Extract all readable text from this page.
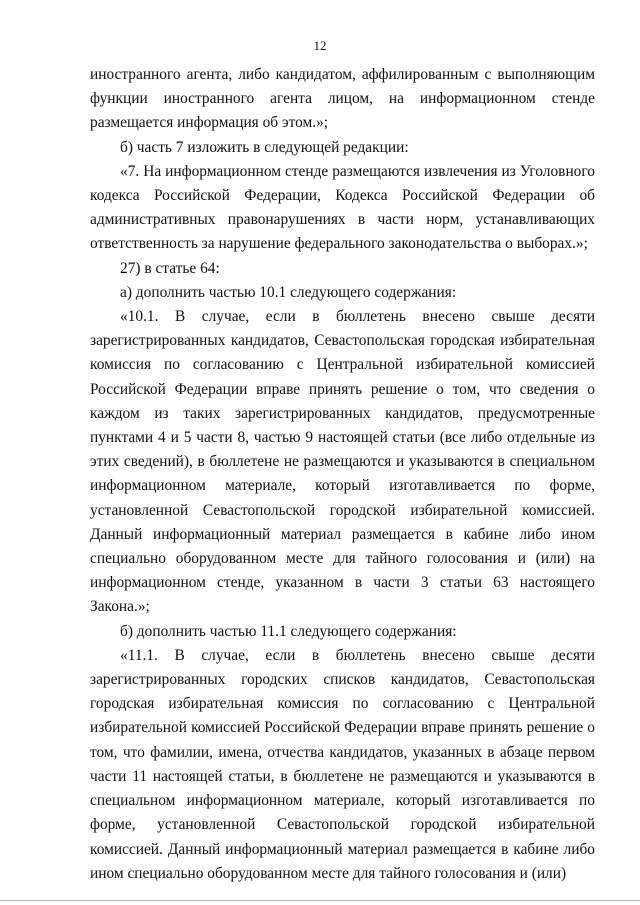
12

иностранного агента, либо кандидатом, аффилированным с выполняющим функции иностранного агента лицом, на информационном стенде размещается информация об этом.»;

б) часть 7 изложить в следующей редакции:

«7. На информационном стенде размещаются извлечения из Уголовного кодекса Российской Федерации, Кодекса Российской Федерации об административных правонарушениях в части норм, устанавливающих ответственность за нарушение федерального законодательства о выборах.»;

27) в статье 64:

а) дополнить частью 10.1 следующего содержания:

«10.1. В случае, если в бюллетень внесено свыше десяти зарегистрированных кандидатов, Севастопольская городская избирательная комиссия по согласованию с Центральной избирательной комиссией Российской Федерации вправе принять решение о том, что сведения о каждом из таких зарегистрированных кандидатов, предусмотренные пунктами 4 и 5 части 8, частью 9 настоящей статьи (все либо отдельные из этих сведений), в бюллетене не размещаются и указываются в специальном информационном материале, который изготавливается по форме, установленной Севастопольской городской избирательной комиссией. Данный информационный материал размещается в кабине либо ином специально оборудованном месте для тайного голосования и (или) на информационном стенде, указанном в части 3 статьи 63 настоящего Закона.»;

б) дополнить частью 11.1 следующего содержания:

«11.1. В случае, если в бюллетень внесено свыше десяти зарегистрированных городских списков кандидатов, Севастопольская городская избирательная комиссия по согласованию с Центральной избирательной комиссией Российской Федерации вправе принять решение о том, что фамилии, имена, отчества кандидатов, указанных в абзаце первом части 11 настоящей статьи, в бюллетене не размещаются и указываются в специальном информационном материале, который изготавливается по форме, установленной Севастопольской городской избирательной комиссией. Данный информационный материал размещается в кабине либо ином специально оборудованном месте для тайного голосования и (или)
